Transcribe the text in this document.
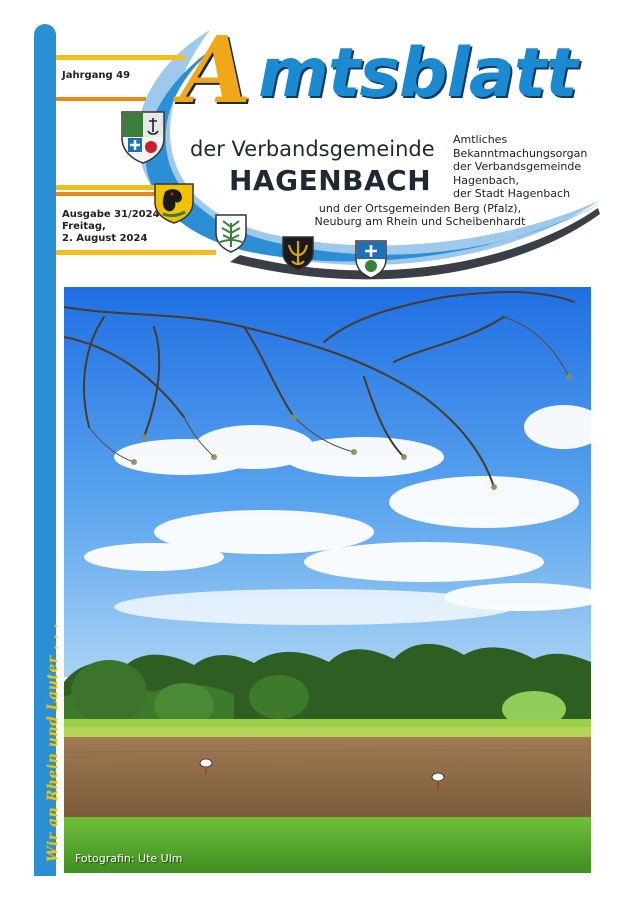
Wir an Rhein und Lauter . . .
Jahrgang 49
Ausgabe 31/2024
Freitag,
2. August 2024
A mtsblatt
der Verbandsgemeinde
HAGENBACH
Amtliches
Bekanntmachungsorgan
der Verbandsgemeinde
Hagenbach,
der Stadt Hagenbach
und der Ortsgemeinden Berg (Pfalz),
Neuburg am Rhein und Scheibenhardt
Fotografin: Ute Ulm
